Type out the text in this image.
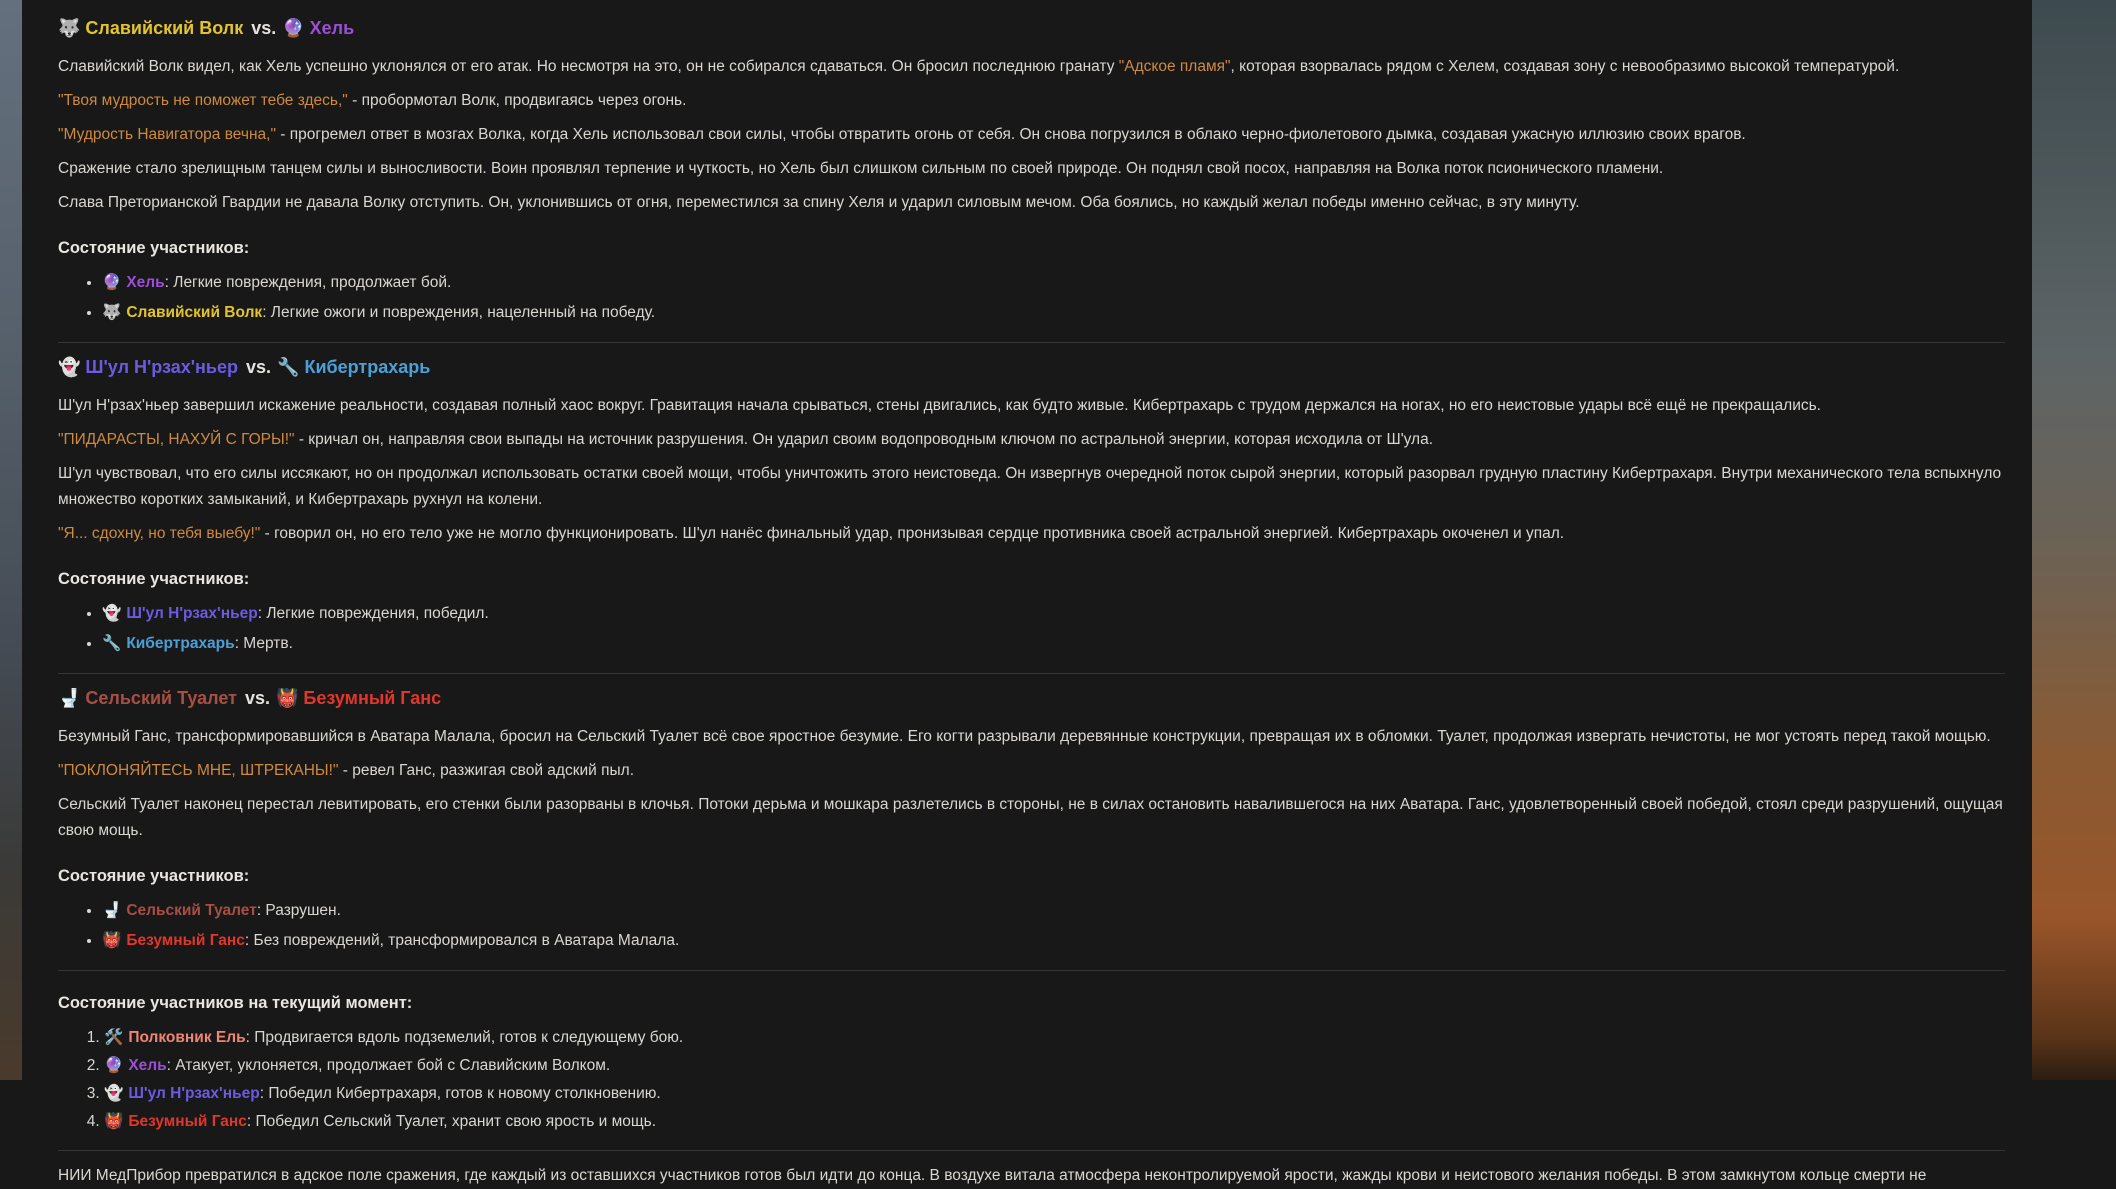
🐺 Славийский Волк vs. 🔮 Хель

Славийский Волк видел, как Хель успешно уклонялся от его атак. Но несмотря на это, он не собирался сдаваться. Он бросил последнюю гранату "Адское пламя", которая взорвалась рядом с Хелем, создавая зону с невообразимо высокой температурой.

"Твоя мудрость не поможет тебе здесь," - пробормотал Волк, продвигаясь через огонь.

"Мудрость Навигатора вечна," - прогремел ответ в мозгах Волка, когда Хель использовал свои силы, чтобы отвратить огонь от себя. Он снова погрузился в облако черно-фиолетового дымка, создавая ужасную иллюзию своих врагов.

Сражение стало зрелищным танцем силы и выносливости. Воин проявлял терпение и чуткость, но Хель был слишком сильным по своей природе. Он поднял свой посох, направляя на Волка поток псионического пламени.

Слава Преторианской Гвардии не давала Волку отступить. Он, уклонившись от огня, переместился за спину Хеля и ударил силовым мечом. Оба боялись, но каждый желал победы именно сейчас, в эту минуту.

Состояние участников:
• 🔮 Хель: Легкие повреждения, продолжает бой.
• 🐺 Славийский Волк: Легкие ожоги и повреждения, нацеленный на победу.
👻 Ш'ул Н'рзах'ньер vs. 🔧 Кибертрахарь

Ш'ул Н'рзах'ньер завершил искажение реальности, создавая полный хаос вокруг. Гравитация начала срываться, стены двигались, как будто живые. Кибертрахарь с трудом держался на ногах, но его неистовые удары всё ещё не прекращались.

"ПИДАРАСТЫ, НАХУЙ С ГОРЫ!" - кричал он, направляя свои выпады на источник разрушения. Он ударил своим водопроводным ключом по астральной энергии, которая исходила от Ш'ула.

Ш'ул чувствовал, что его силы иссякают, но он продолжал использовать остатки своей мощи, чтобы уничтожить этого неистоведа. Он извергнув очередной поток сырой энергии, который разорвал грудную пластину Кибертрахаря. Внутри механического тела вспыхнуло множество коротких замыканий, и Кибертрахарь рухнул на колени.

"Я... сдохну, но тебя выебу!" - говорил он, но его тело уже не могло функционировать. Ш'ул нанёс финальный удар, пронизывая сердце противника своей астральной энергией. Кибертрахарь окоченел и упал.

Состояние участников:
• 👻 Ш'ул Н'рзах'ньер: Легкие повреждения, победил.
• 🔧 Кибертрахарь: Мертв.
🚽 Сельский Туалет vs. 👹 Безумный Ганс

Безумный Ганс, трансформировавшийся в Аватара Малала, бросил на Сельский Туалет всё свое яростное безумие. Его когти разрывали деревянные конструкции, превращая их в обломки. Туалет, продолжая извергать нечистоты, не мог устоять перед такой мощью.

"ПОКЛОНЯЙТЕСЬ МНЕ, ШТРЕКАНЫ!" - ревел Ганс, разжигая свой адский пыл.

Сельский Туалет наконец перестал левитировать, его стенки были разорваны в клочья. Потоки дерьма и мошкара разлетелись в стороны, не в силах остановить навалившегося на них Аватара. Ганс, удовлетворенный своей победой, стоял среди разрушений, ощущая свою мощь.

Состояние участников:
• 🚽 Сельский Туалет: Разрушен.
• 👹 Безумный Ганс: Без повреждений, трансформировался в Аватара Малала.
Состояние участников на текущий момент:
1. 🛠️ Полковник Ель: Продвигается вдоль подземелий, готов к следующему бою.
2. 🔮 Хель: Атакует, уклоняется, продолжает бой с Славийским Волком.
3. 👻 Ш'ул Н'рзах'ньер: Победил Кибертрахаря, готов к новому столкновению.
4. 👹 Безумный Ганс: Победил Сельский Туалет, хранит свою ярость и мощь.

НИИ МедПрибор превратился в адское поле сражения, где каждый из оставшихся участников готов был идти до конца. В воздухе витала атмосфера неконтролируемой ярости, жажды крови и неистового желания победы. В этом замкнутом кольце смерти не
